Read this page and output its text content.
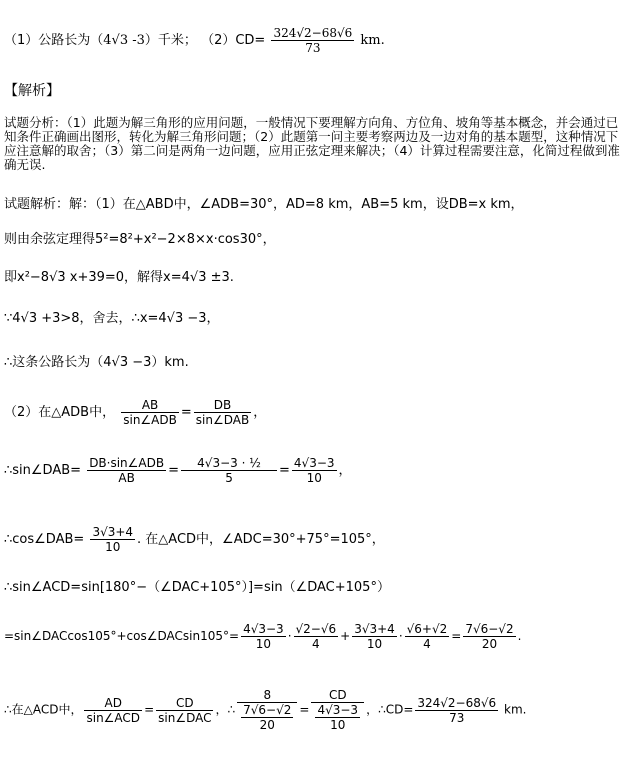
（1）公路长为（4√3 -3）千米； $(2)CD= \frac{324√2-68√6}{73}$ km.
【解析】
试题分析：（1）此题为解三角形的应用问题，一般情况下要理解方向角、方位角、坡角等基本概念，并会通过已知条件正确画出图形，转化为解三角形问题；（2）此题第一问主要考察两边及一边对角的基本题型，这种情况下应注意解的取舍；（3）第二问是两角一边问题，应用正弦定理来解决；（4）计算过程需要注意，化简过程做到准确无误.
试题解析：解：（1）在△ABD中，∠ADB=30°，AD=8 km，AB=5 km，设DB=x km，
则由余弦定理得5²=8²+x²−2×8×x·cos30°，
即x²−8√3 x+39=0，解得x=4√3 ±3.
∵4√3 +3>8，舍去，∴x=4√3 −3，
∴这条公路长为（4√3 −3）km.
（2）在△ADB中， $\frac{AB}{\text{sin∠ADB}} = \frac{DB}{\text{sin∠DAB}}$ ，
∴sin∠DAB= $\frac{\text{DB·sin∠ADB}}{AB} = \frac{\text{4√3−3 · ½}}{5} = \frac{4√3-3}{10}$ ，
∴cos∠DAB= $\frac{3√3+4}{10}$ . 在△ACD中，∠ADC=30°+75°=105°，
∴sin∠ACD=sin[180°−（∠DAC+105°）]=sin（∠DAC+105°）
=sin∠DACcos105°+cos∠DACsin105°= $\frac{4√3-3}{10} \cdot \frac{√2-√6}{4} + \frac{3√3+4}{10} \cdot \frac{√6+√2}{4} = \frac{7√6-√2}{20}$ .
∴在△ACD中， $\frac{AD}{\text{sin∠ACD}} = \frac{CD}{\text{sin∠DAC}}$ ，∴ $\frac{8}{\frac{7√6-√2}{20}} = \frac{CD}{\frac{4√3-3}{10}}$ ，∴CD= $\frac{324√2-68√6}{73}$ km.
